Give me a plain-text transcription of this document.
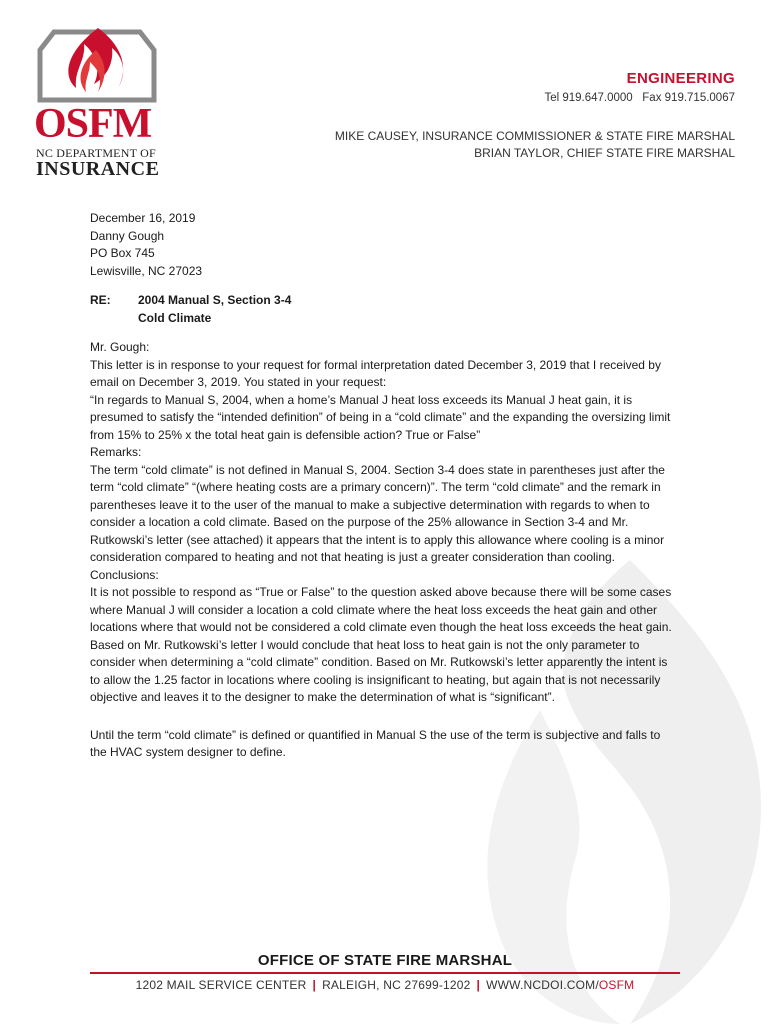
OSFM
NC DEPARTMENT OF
INSURANCE
ENGINEERING
Tel 919.647.0000 Fax 919.715.0067
MIKE CAUSEY, INSURANCE COMMISSIONER & STATE FIRE MARSHAL
BRIAN TAYLOR, CHIEF STATE FIRE MARSHAL

December 16, 2019

Danny Gough

PO Box 745

Lewisville, NC 27023

RE:	2004 Manual S, Section 3-4

Cold Climate

Mr. Gough:

This letter is in response to your request for formal interpretation dated December 3, 2019 that I received by email on December 3, 2019. You stated in your request:

“In regards to Manual S, 2004, when a home’s Manual J heat loss exceeds its Manual J heat gain, it is presumed to satisfy the “intended definition” of being in a “cold climate” and the expanding the oversizing limit from 15% to 25% x the total heat gain is defensible action? True or False”

Remarks:

The term “cold climate” is not defined in Manual S, 2004. Section 3-4 does state in parentheses just after the term “cold climate” “(where heating costs are a primary concern)”. The term “cold climate” and the remark in parentheses leave it to the user of the manual to make a subjective determination with regards to when to consider a location a cold climate. Based on the purpose of the 25% allowance in Section 3-4 and Mr. Rutkowski’s letter (see attached) it appears that the intent is to apply this allowance where cooling is a minor consideration compared to heating and not that heating is just a greater consideration than cooling.

Conclusions:

It is not possible to respond as “True or False” to the question asked above because there will be some cases where Manual J will consider a location a cold climate where the heat loss exceeds the heat gain and other locations where that would not be considered a cold climate even though the heat loss exceeds the heat gain. Based on Mr. Rutkowski’s letter I would conclude that heat loss to heat gain is not the only parameter to consider when determining a “cold climate” condition. Based on Mr. Rutkowski’s letter apparently the intent is to allow the 1.25 factor in locations where cooling is insignificant to heating, but again that is not necessarily objective and leaves it to the designer to make the determination of what is “significant”.

Until the term “cold climate” is defined or quantified in Manual S the use of the term is subjective and falls to the HVAC system designer to define.

OFFICE OF STATE FIRE MARSHAL
1202 MAIL SERVICE CENTER | RALEIGH, NC 27699-1202 | WWW.NCDOI.COM/OSFM
